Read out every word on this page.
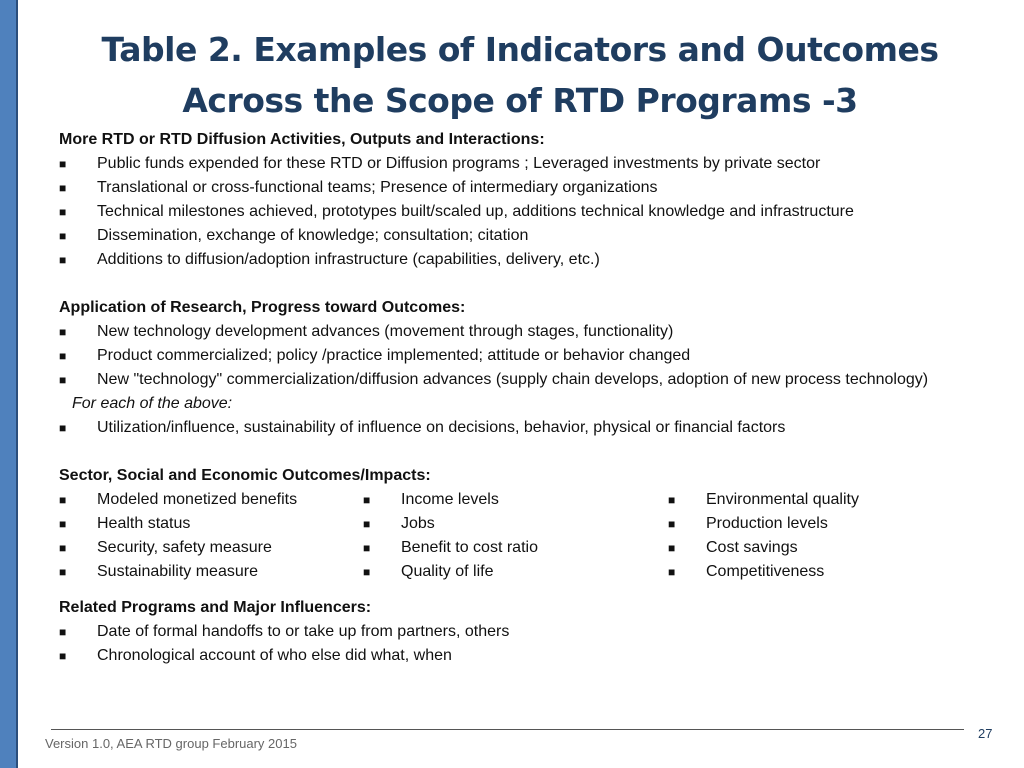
Table 2. Examples of Indicators and Outcomes Across the Scope of RTD Programs -3
More RTD or RTD Diffusion Activities, Outputs and Interactions:
■	Public funds expended for these RTD or Diffusion programs ; Leveraged investments by private sector
■	Translational or cross-functional teams; Presence of intermediary organizations
■	Technical milestones achieved, prototypes built/scaled up, additions technical knowledge and infrastructure
■	Dissemination, exchange of knowledge; consultation; citation
■	Additions to diffusion/adoption infrastructure (capabilities, delivery, etc.)
Application of Research, Progress toward Outcomes:
■	New technology development advances (movement through stages, functionality)
■	Product commercialized; policy /practice implemented; attitude or behavior changed
■	New "technology" commercialization/diffusion advances (supply chain develops, adoption of new process technology)
For each of the above:
■	Utilization/influence, sustainability of influence on decisions, behavior, physical or financial factors
Sector, Social and Economic Outcomes/Impacts:
■	Modeled monetized benefits
■	Health status
■	Security, safety measure
■	Sustainability measure
■	Income levels
■	Jobs
■	Benefit to cost ratio
■	Quality of life
■	Environmental quality
■	Production levels
■	Cost savings
■	Competitiveness
Related Programs and Major Influencers:
■	Date of formal handoffs to or take up from partners, others
■	Chronological account of who else did what, when
Version 1.0, AEA RTD group February 2015
27
